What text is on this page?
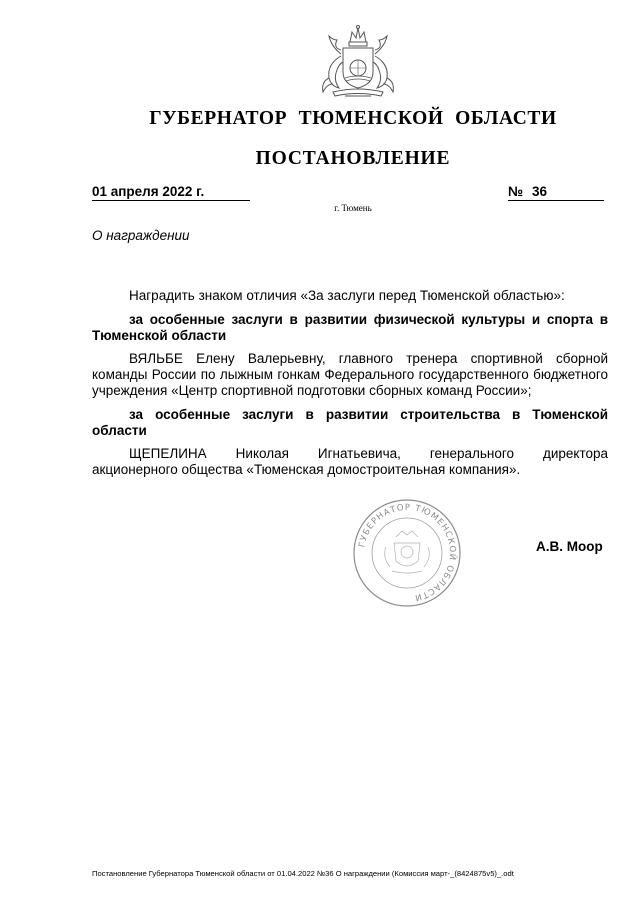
ГУБЕРНАТОР ТЮМЕНСКОЙ ОБЛАСТИ
ПОСТАНОВЛЕНИЕ
01 апреля 2022 г.	№ 36
г. Тюмень
О награждении

Наградить знаком отличия «За заслуги перед Тюменской областью»:

за особенные заслуги в развитии физической культуры и спорта в Тюменской области

ВЯЛЬБЕ Елену Валерьевну, главного тренера спортивной сборной команды России по лыжным гонкам Федерального государственного бюджетного учреждения «Центр спортивной подготовки сборных команд России»;

за особенные заслуги в развитии строительства в Тюменской области

ЩЕПЕЛИНА Николая Игнатьевича, генерального директора

акционерного общества «Тюменская домостроительная компания».

ГУБЕРНАТОР ТЮМЕНСКОЙ ОБЛАСТИ
А.В. Моор
Постановление Губернатора Тюменской области от 01.04.2022 №36 О награждении (Комиссия март-_(8424875v5)_.odt
